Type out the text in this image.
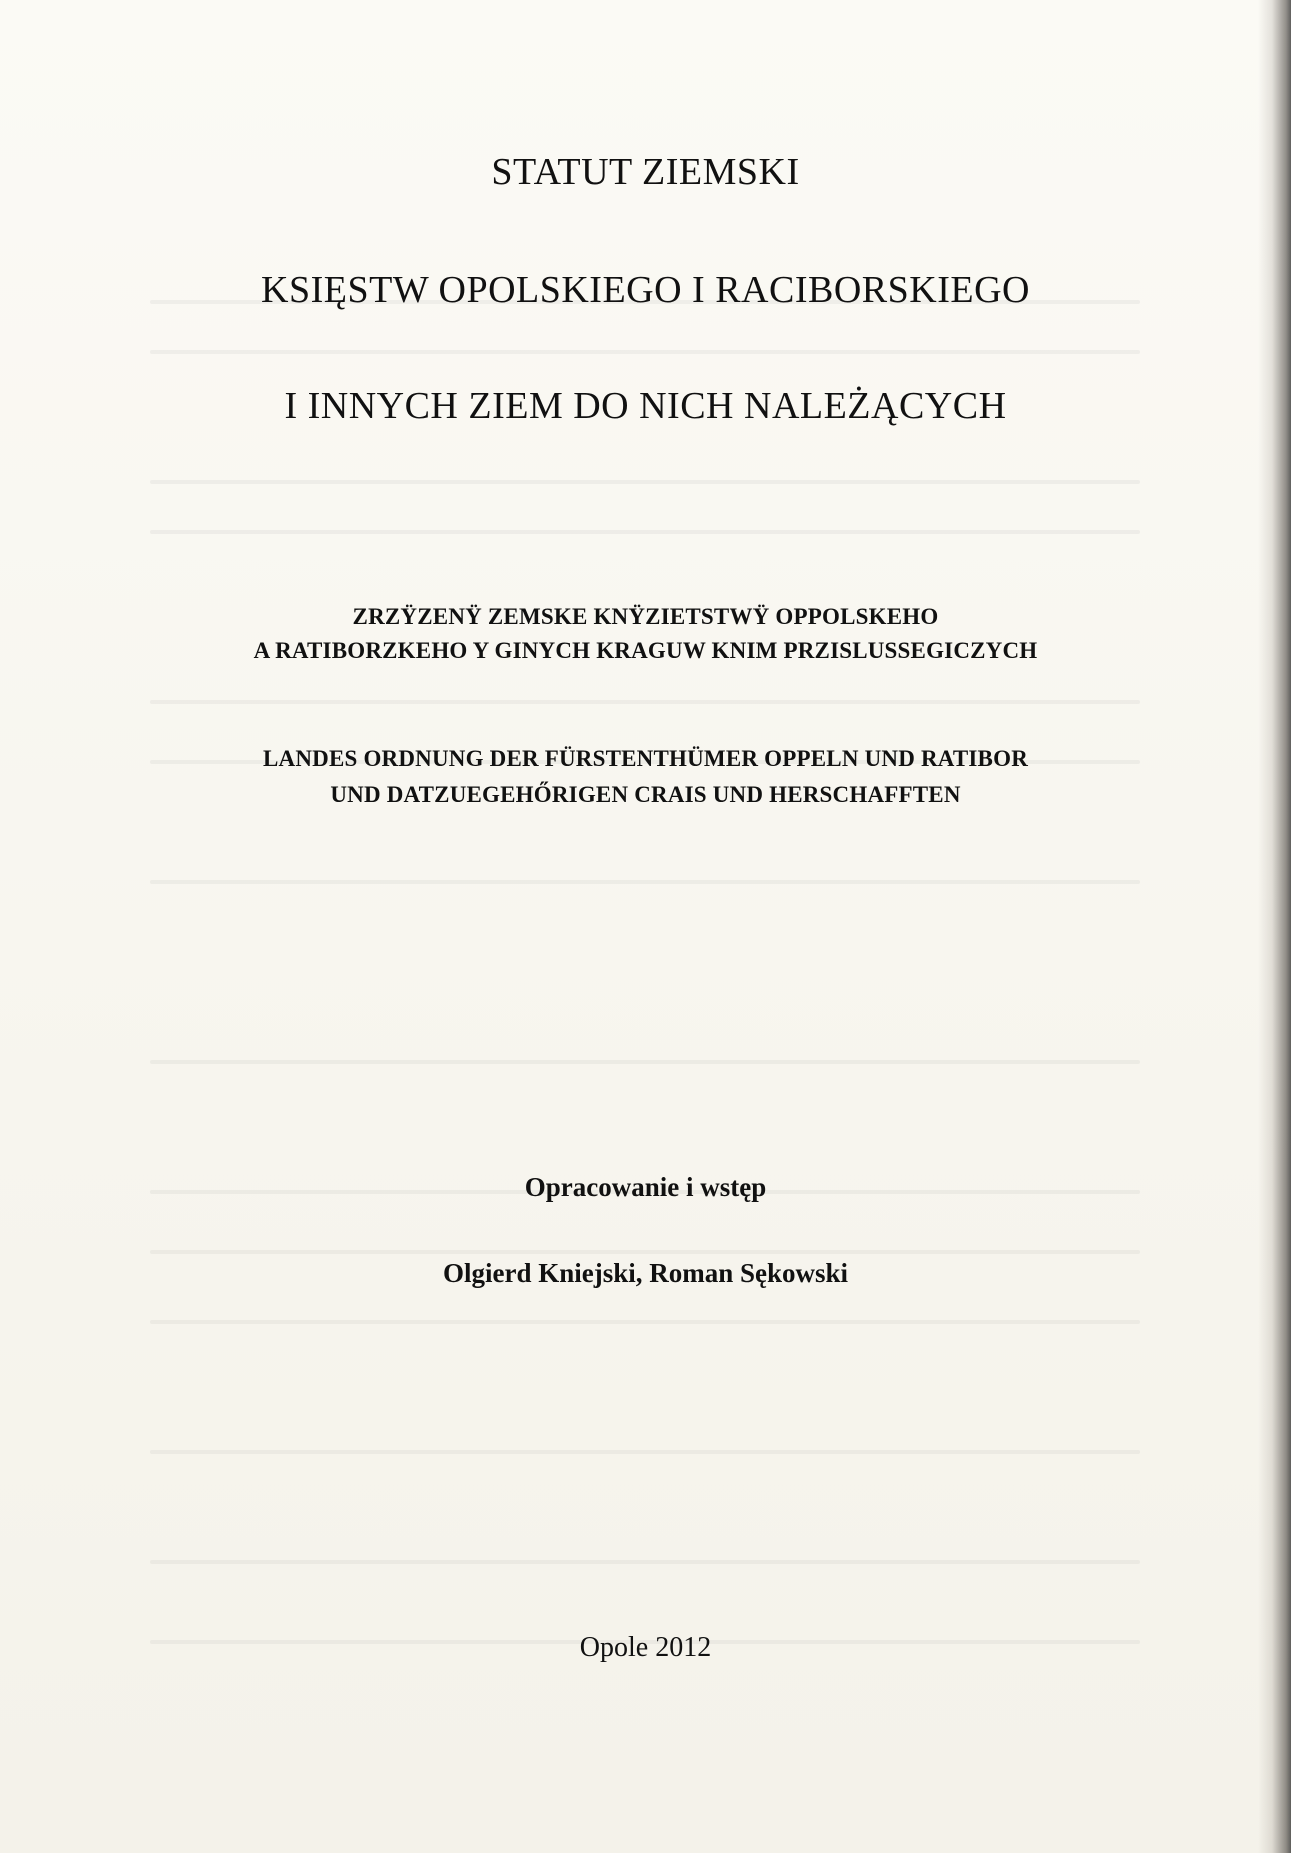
STATUT ZIEMSKI
KSIĘSTW OPOLSKIEGO I RACIBORSKIEGO
I INNYCH ZIEM DO NICH NALEŻĄCYCH

ZRZŸZENŸ ZEMSKE KNŸZIETSTWŸ OPPOLSKEHO

A RATIBORZKEHO Y GINYCH KRAGUW KNIM PRZISLUSSEGICZYCH

LANDES ORDNUNG DER FÜRSTENTHÜMER OPPELN UND RATIBOR

UND DATZUEGEHŐRIGEN CRAIS UND HERSCHAFFTEN

Opracowanie i wstęp

Olgierd Kniejski, Roman Sękowski

Opole 2012
